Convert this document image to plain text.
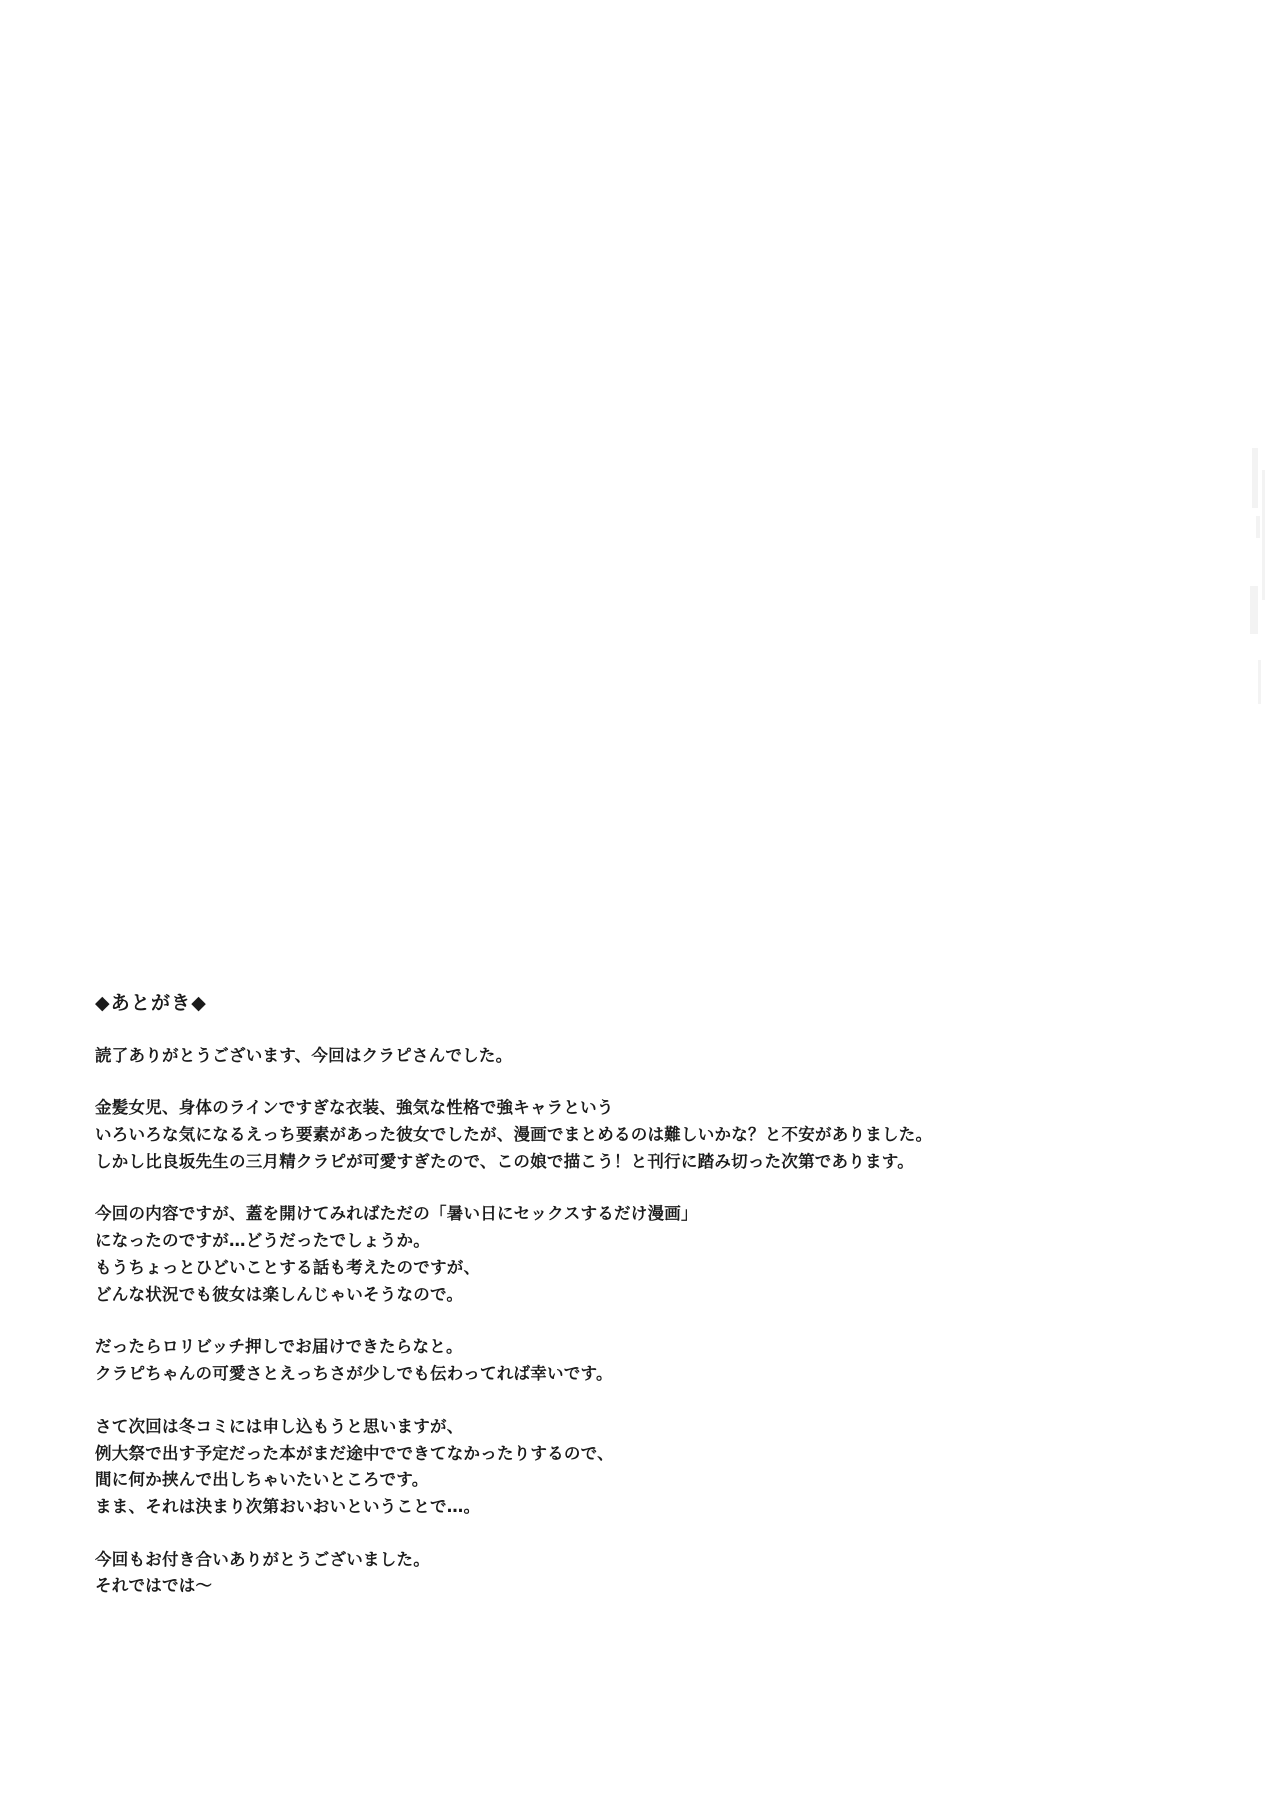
◆あとがき◆

読了ありがとうございます、今回はクラピさんでした。

金髪女児、身体のラインですぎな衣装、強気な性格で強キャラという
いろいろな気になるえっち要素があった彼女でしたが、漫画でまとめるのは難しいかな？と不安がありました。
しかし比良坂先生の三月精クラピが可愛すぎたので、この娘で描こう！と刊行に踏み切った次第であります。

今回の内容ですが、蓋を開けてみればただの「暑い日にセックスするだけ漫画」
になったのですが…どうだったでしょうか。
もうちょっとひどいことする話も考えたのですが、
どんな状況でも彼女は楽しんじゃいそうなので。

だったらロリビッチ押しでお届けできたらなと。
クラピちゃんの可愛さとえっちさが少しでも伝わってれば幸いです。

さて次回は冬コミには申し込もうと思いますが、
例大祭で出す予定だった本がまだ途中でできてなかったりするので、
間に何か挟んで出しちゃいたいところです。
まま、それは決まり次第おいおいということで…。

今回もお付き合いありがとうございました。
それではでは～
